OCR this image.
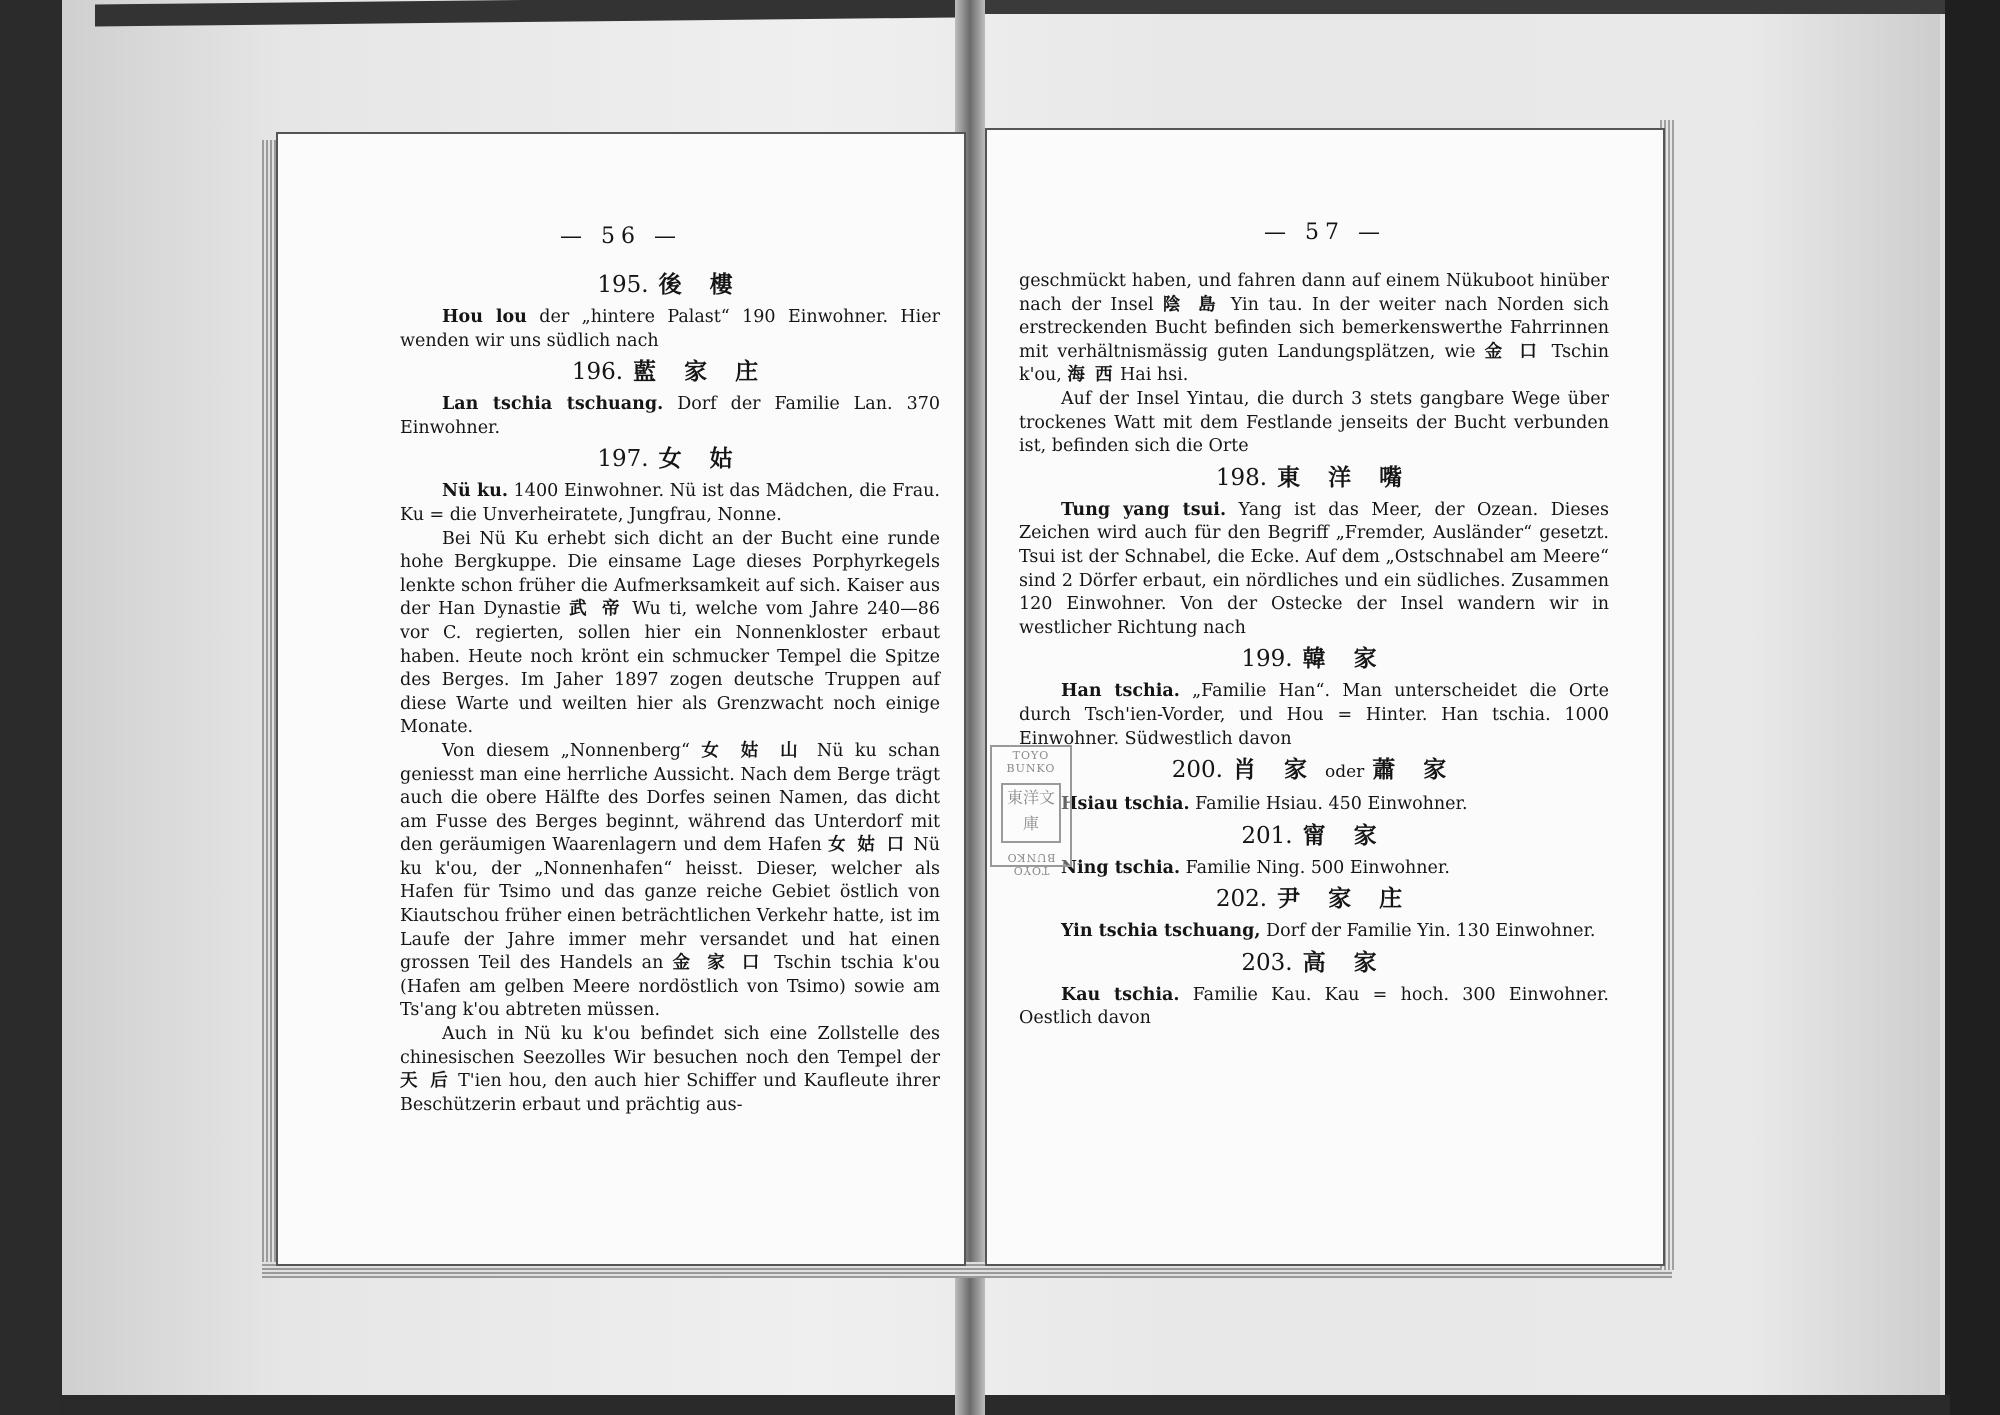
— 56 —
195. 後 樓

Hou lou der „hintere Palast“ 190 Einwohner. Hier wenden wir uns südlich nach

196. 藍 家 庄

Lan tschia tschuang. Dorf der Familie Lan. 370 Einwohner.

197. 女 姑

Nü ku. 1400 Einwohner. Nü ist das Mädchen, die Frau. Ku = die Unverheiratete, Jungfrau, Nonne.

Bei Nü Ku erhebt sich dicht an der Bucht eine runde hohe Bergkuppe. Die einsame Lage dieses Porphyrkegels lenkte schon früher die Aufmerksamkeit auf sich. Kaiser aus der Han Dynastie 武 帝 Wu ti, welche vom Jahre 240—86 vor C. regierten, sollen hier ein Nonnenkloster erbaut haben. Heute noch krönt ein schmucker Tempel die Spitze des Berges. Im Jaher 1897 zogen deutsche Truppen auf diese Warte und weilten hier als Grenzwacht noch einige Monate.

Von diesem „Nonnenberg“ 女 姑 山 Nü ku schan geniesst man eine herrliche Aussicht. Nach dem Berge trägt auch die obere Hälfte des Dorfes seinen Namen, das dicht am Fusse des Berges beginnt, während das Unterdorf mit den geräumigen Waarenlagern und dem Hafen 女 姑 口 Nü ku k'ou, der „Nonnenhafen“ heisst. Dieser, welcher als Hafen für Tsimo und das ganze reiche Gebiet östlich von Kiautschou früher einen beträchtlichen Verkehr hatte, ist im Laufe der Jahre immer mehr versandet und hat einen grossen Teil des Handels an 金 家 口 Tschin tschia k'ou (Hafen am gelben Meere nordöstlich von Tsimo) sowie am Ts'ang k'ou abtreten müssen.

Auch in Nü ku k'ou befindet sich eine Zollstelle des chinesischen Seezolles Wir besuchen noch den Tempel der 天 后 T'ien hou, den auch hier Schiffer und Kaufleute ihrer Beschützerin erbaut und prächtig aus-

— 57 —

geschmückt haben, und fahren dann auf einem Nükuboot hinüber nach der Insel 陰 島 Yin tau. In der weiter nach Norden sich erstreckenden Bucht befinden sich bemerkenswerthe Fahrrinnen mit verhältnismässig guten Landungsplätzen, wie 金 口 Tschin k'ou, 海 西 Hai hsi.

Auf der Insel Yintau, die durch 3 stets gangbare Wege über trockenes Watt mit dem Festlande jenseits der Bucht verbunden ist, befinden sich die Orte

198. 東 洋 嘴

Tung yang tsui. Yang ist das Meer, der Ozean. Dieses Zeichen wird auch für den Begriff „Fremder, Ausländer“ gesetzt. Tsui ist der Schnabel, die Ecke. Auf dem „Ostschnabel am Meere“ sind 2 Dörfer erbaut, ein nördliches und ein südliches. Zusammen 120 Einwohner. Von der Ostecke der Insel wandern wir in westlicher Richtung nach

199. 韓 家

Han tschia. „Familie Han“. Man unterscheidet die Orte durch Tsch'ien-Vorder, und Hou = Hinter. Han tschia. 1000 Einwohner. Südwestlich davon

200. 肖 家 oder 蕭 家

Hsiau tschia. Familie Hsiau. 450 Einwohner.

201. 甯 家

Ning tschia. Familie Ning. 500 Einwohner.

202. 尹 家 庄

Yin tschia tschuang, Dorf der Familie Yin. 130 Einwohner.

203. 高 家

Kau tschia. Familie Kau. Kau = hoch. 300 Einwohner. Oestlich davon

TOYO BUNKO
東洋文庫
TOYO BUNKO
